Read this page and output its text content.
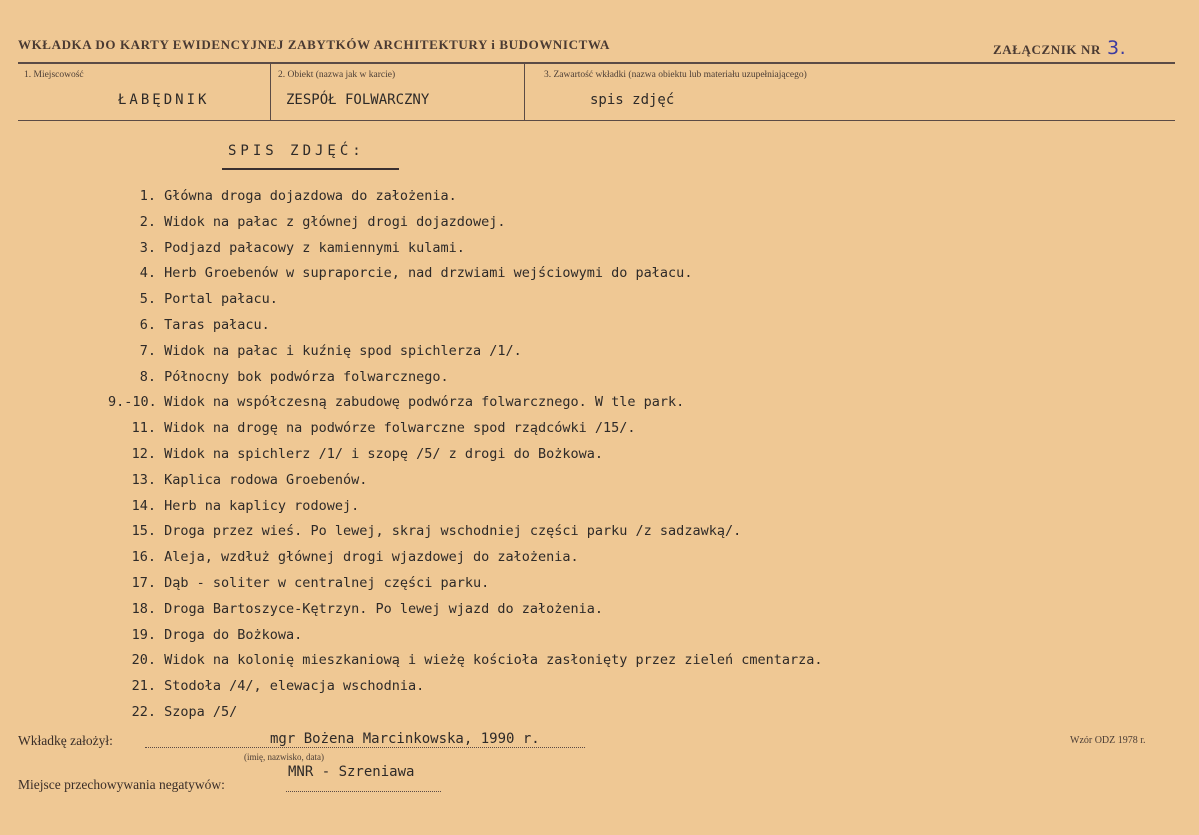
WKŁADKA DO KARTY EWIDENCYJNEJ ZABYTKÓW ARCHITEKTURY i BUDOWNICTWA	ZAŁĄCZNIK NR 3.
1. Miejscowość
ŁABĘDNIK
2. Obiekt (nazwa jak w karcie)
ZESPÓŁ FOLWARCZNY
3. Zawartość wkładki (nazwa obiektu lub materiału uzupełniającego)
spis zdjęć
SPIS ZDJĘĆ:
1. Główna droga dojazdowa do założenia.
2. Widok na pałac z głównej drogi dojazdowej.
3. Podjazd pałacowy z kamiennymi kulami.
4. Herb Groebenów w supraporcie, nad drzwiami wejściowymi do pałacu.
5. Portal pałacu.
6. Taras pałacu.
7. Widok na pałac i kuźnię spod spichlerza /1/.
8. Północny bok podwórza folwarcznego.
9.-10. Widok na współczesną zabudowę podwórza folwarcznego. W tle park.
11. Widok na drogę na podwórze folwarczne spod rządcówki /15/.
12. Widok na spichlerz /1/ i szopę /5/ z drogi do Bożkowa.
13. Kaplica rodowa Groebenów.
14. Herb na kaplicy rodowej.
15. Droga przez wieś. Po lewej, skraj wschodniej części parku /z sadzawką/.
16. Aleja, wzdłuż głównej drogi wjazdowej do założenia.
17. Dąb - soliter w centralnej części parku.
18. Droga Bartoszyce-Kętrzyn. Po lewej wjazd do założenia.
19. Droga do Bożkowa.
20. Widok na kolonię mieszkaniową i wieżę kościoła zasłonięty przez zieleń cmentarza.
21. Stodoła /4/, elewacja wschodnia.
22. Szopa /5/
Wkładkę założył:	mgr Bożena Marcinkowska, 1990 r.
(imię, nazwisko, data)
Miejsce przechowywania negatywów:
MNR - Szreniawa
Wzór ODZ 1978 r.
